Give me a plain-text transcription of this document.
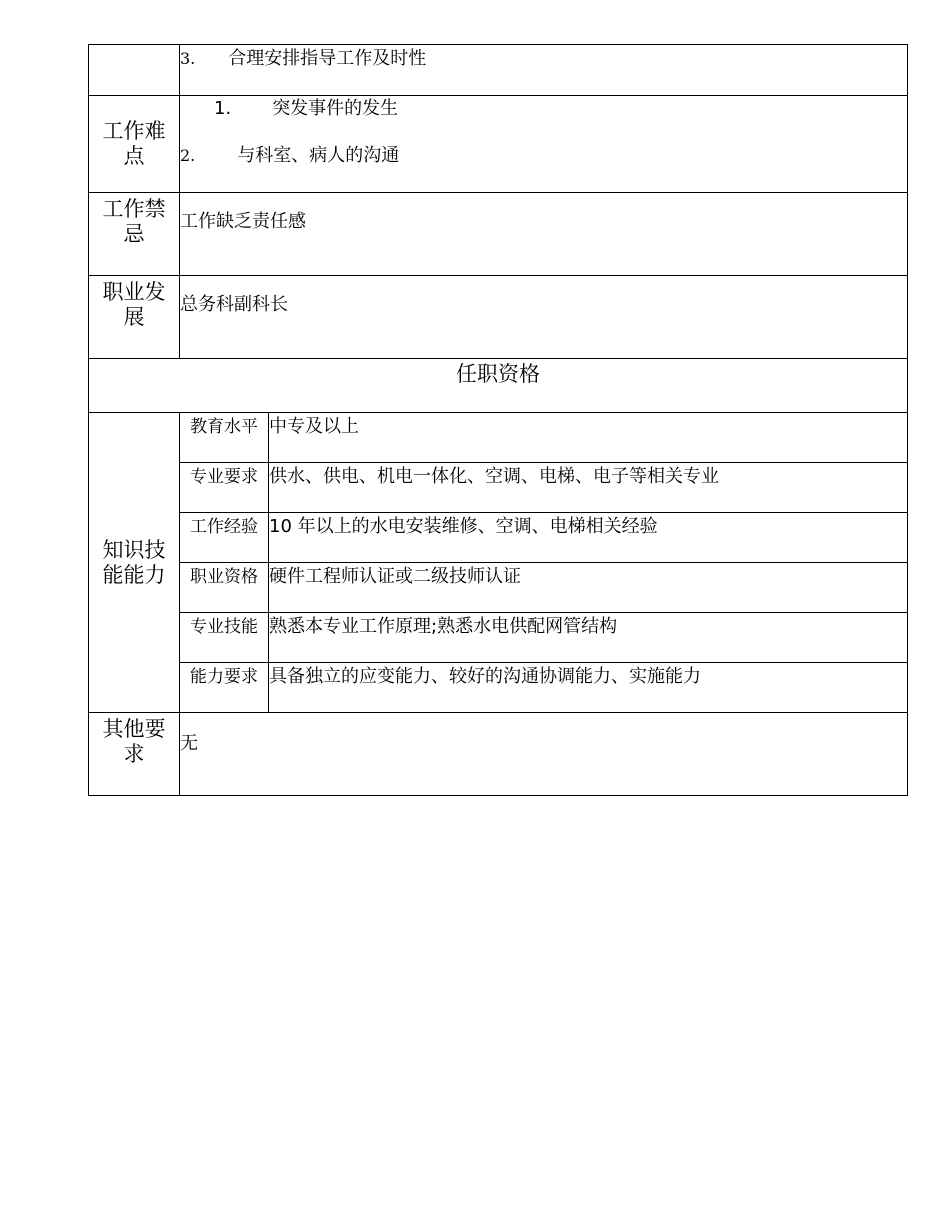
	3. 合理安排指导工作及时性	

工作难点	1. 突发事件的发生
2. 与科室、病人的沟通	

工作禁忌	工作缺乏责任感	
职业发展	总务科副科长	
任职资格		
知识技能能力	教育水平	中专及以上
	专业要求	供水、供电、机电一体化、空调、电梯、电子等相关专业
	工作经验	10 年以上的水电安装维修、空调、电梯相关经验
	职业资格	硬件工程师认证或二级技师认证
	专业技能	熟悉本专业工作原理;熟悉水电供配网管结构
	能力要求	具备独立的应变能力、较好的沟通协调能力、实施能力
其他要求	无	
